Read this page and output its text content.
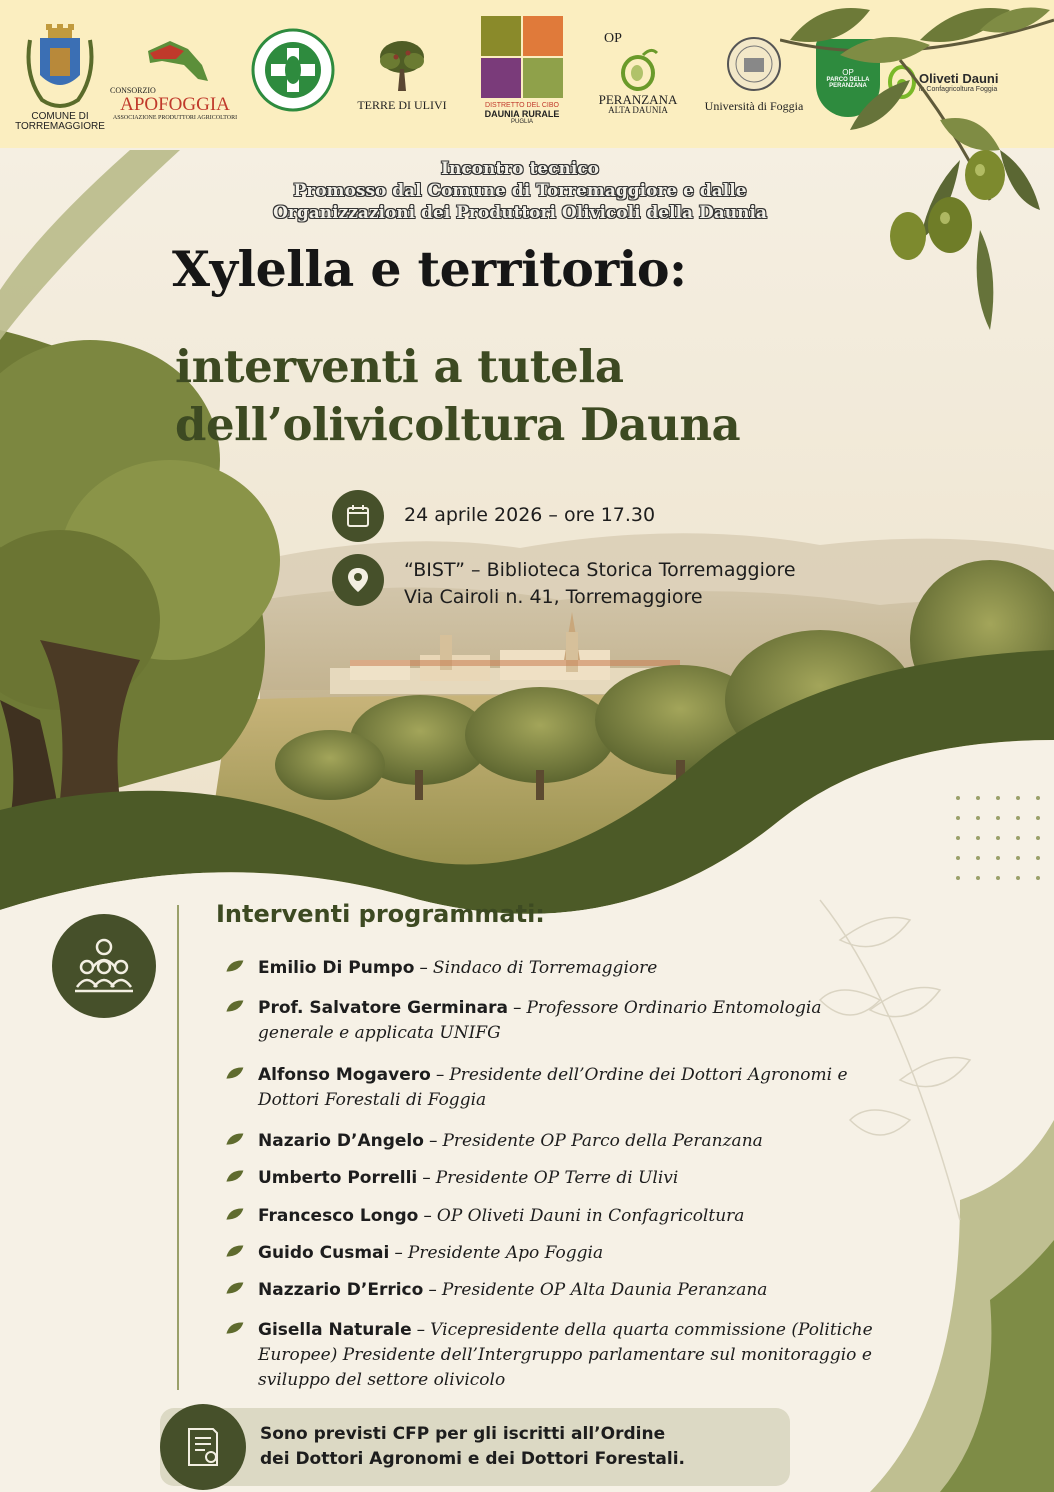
COMUNE DI TORREMAGGIORE
CONSORZIO
APOFOGGIA
ASSOCIAZIONE PRODUTTORI AGRICOLTORI
TERRE DI ULIVI	DISTRETTO DEL CIBO
DAUNIA RURALE
PUGLIA
OP
PERANZANA
ALTA DAUNIA	Università di Foggia
OP
PARCO DELLA
PERANZANA	Oliveti Dauni
in Confagricoltura Foggia
Incontro tecnico
Promosso dal Comune di Torremaggiore e dalle
Organizzazioni dei Produttori Olivicoli della Daunia
Xylella e territorio:
interventi a tutela
dell’olivicoltura Dauna
24 aprile 2026 – ore 17.30
“BIST” – Biblioteca Storica Torremaggiore
Via Cairoli n. 41, Torremaggiore
Interventi programmati:
Emilio Di Pumpo – Sindaco di Torremaggiore
Prof. Salvatore Germinara – Professore Ordinario Entomologia generale e applicata UNIFG
Alfonso Mogavero – Presidente dell’Ordine dei Dottori Agronomi e Dottori Forestali di Foggia
Nazario D’Angelo – Presidente OP Parco della Peranzana
Umberto Porrelli – Presidente OP Terre di Ulivi
Francesco Longo – OP Oliveti Dauni in Confagricoltura
Guido Cusmai – Presidente Apo Foggia
Nazzario D’Errico – Presidente OP Alta Daunia Peranzana
Gisella Naturale – Vicepresidente della quarta commissione (Politiche Europee) Presidente dell’Intergruppo parlamentare sul monitoraggio e sviluppo del settore olivicolo
Sono previsti CFP per gli iscritti all’Ordine
dei Dottori Agronomi e dei Dottori Forestali.
